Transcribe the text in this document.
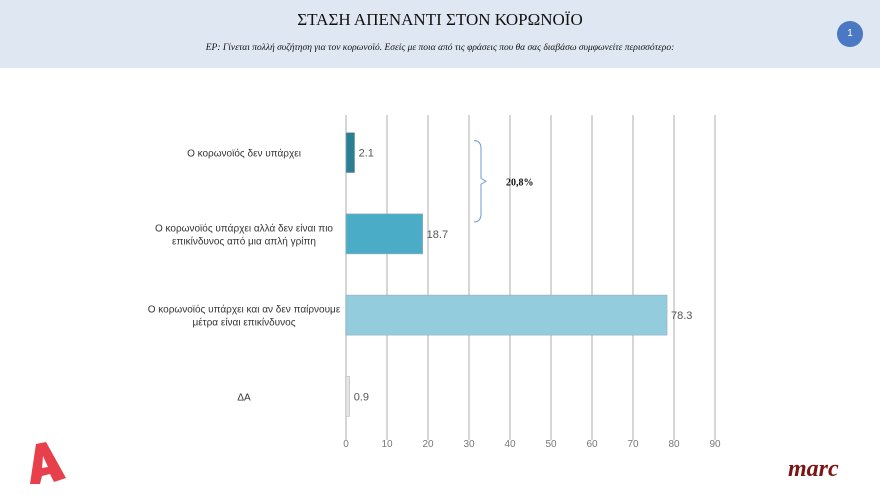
ΣΤΑΣΗ ΑΠΕΝΑΝΤΙ ΣΤΟΝ ΚΟΡΩΝΟΪΟ
ΕΡ: Γίνεται πολλή συζήτηση για τον κορωνοϊό. Εσείς με ποια από τις φράσεις που θα σας διαβάσω συμφωνείτε περισσότερο:
1
0	10	20	30	40	50	60	70	80	90
2.1
Ο κορωνοϊός δεν υπάρχει
18.7
Ο κορωνοϊός υπάρχει αλλά δεν είναι πιο
επικίνδυνος από μια απλή γρίπη
78.3
Ο κορωνοϊός υπάρχει και αν δεν παίρνουμε
μέτρα είναι επικίνδυνος
0.9
ΔΑ
20,8%
marc
